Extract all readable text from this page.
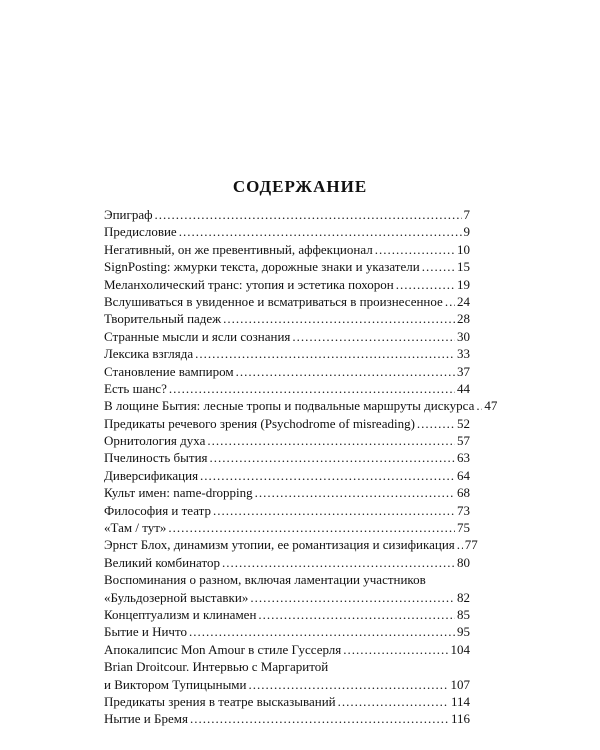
СОДЕРЖАНИЕ
Эпиграф .....	7
Предисловие .....	9
Негативный, он же превентивный, аффекционал .....	10
SignPosting: жмурки текста, дорожные знаки и указатели .....	15
Меланхолический транс: утопия и эстетика похорон .....	19
Вслушиваться в увиденное и всматриваться в произнесенное ..... 24
Творительный падеж .....	28
Странные мысли и ясли сознания .....	30
Лексика взгляда .....	33
Становление вампиром .....	37
Есть шанс? .....	44
В лощине Бытия: лесные тропы и подвальные маршруты дискурса ..... 47
Предикаты речевого зрения (Psychodrome of misreading) .....	52
Орнитология духа .....	57
Пчелиность бытия .....	63
Диверсификация .....	64
Культ имен: name-dropping .....	68
Философия и театр .....	73
«Там / тут» .....	75
Эрнст Блох, динамизм утопии, ее романтизация и сизификация ..... 77
Великий комбинатор .....	80
Воспоминания о разном, включая ламентации участников
«Бульдозерной выставки» .....	82
Концептуализм и клинамен .....	85
Бытие и Ничто .....	95
Апокалипсис Mon Amour в стиле Гуссерля .....	104
Brian Droitcour. Интервью с Маргаритой
и Виктором Тупицыными .....	107
Предикаты зрения в театре высказываний .....	114
Нытие и Бремя .....	116
